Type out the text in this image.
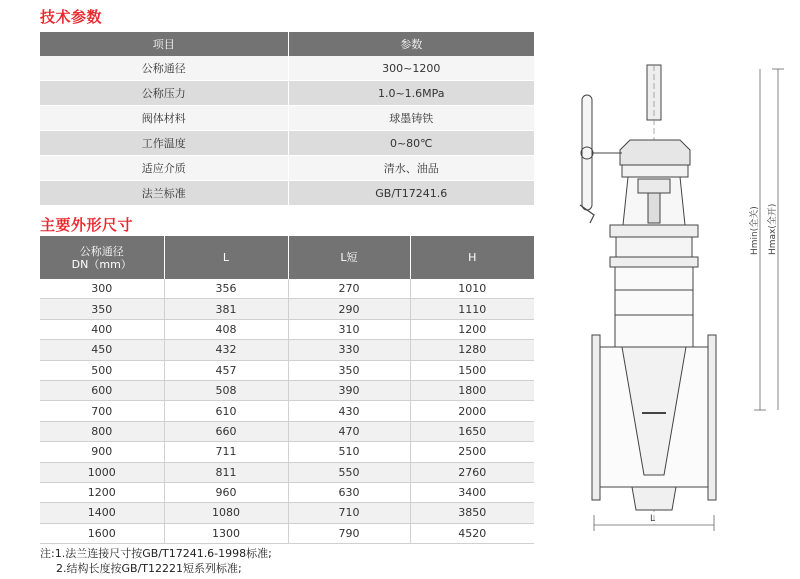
技术参数
项目	参数
公称通径	300~1200
公称压力	1.0~1.6MPa
阀体材料	球墨铸铁
工作温度	0~80℃
适应介质	清水、油品
法兰标准	GB/T17241.6
主要外形尺寸
公称通径
DN（mm）	L	L短	H
300	356	270	1010
350	381	290	1110
400	408	310	1200
450	432	330	1280
500	457	350	1500
600	508	390	1800
700	610	430	2000
800	660	470	1650
900	711	510	2500
1000	811	550	2760
1200	960	630	3400
1400	1080	710	3850
1600	1300	790	4520
注:1.法兰连接尺寸按GB/T17241.6-1998标准;
2.结构长度按GB/T12221短系列标准;
L
Hmin(全关) Hmax(全开)
